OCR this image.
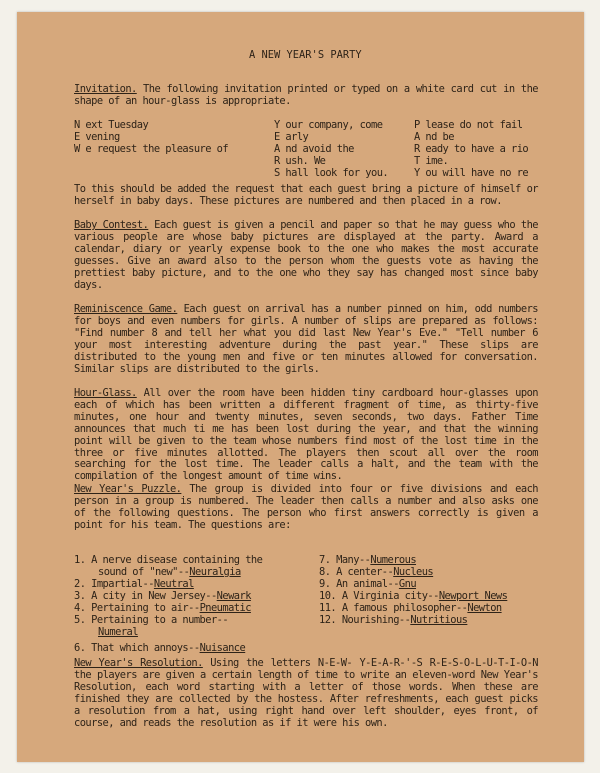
A NEW YEAR'S PARTY
Invitation. The following invitation printed or typed on a white card cut in the shape of an hour-glass is appropriate.
N ext Tuesday
E vening
W e request the pleasure of
Y our company, come
E arly
A nd avoid the
R ush. We
S hall look for you.
P lease do not fail
A nd be
R eady to have a rio
T ime.
Y ou will have no re
To this should be added the request that each guest bring a picture of himself or herself in baby days. These pictures are numbered and then placed in a row.
Baby Contest. Each guest is given a pencil and paper so that he may guess who the various people are whose baby pictures are displayed at the party. Award a calendar, diary or yearly expense book to the one who makes the most accurate guesses. Give an award also to the person whom the guests vote as having the prettiest baby picture, and to the one who they say has changed most since baby days.
Reminiscence Game. Each guest on arrival has a number pinned on him, odd numbers for boys and even numbers for girls. A number of slips are prepared as follows: "Find number 8 and tell her what you did last New Year's Eve." "Tell number 6 your most interesting adventure during the past year." These slips are distributed to the young men and five or ten minutes allowed for conversation. Similar slips are distributed to the girls.
Hour-Glass. All over the room have been hidden tiny cardboard hour-glasses upon each of which has been written a different fragment of time, as thirty-five minutes, one hour and twenty minutes, seven seconds, two days. Father Time announces that much ti me has been lost during the year, and that the winning point will be given to the team whose numbers find most of the lost time in the three or five minutes allotted. The players then scout all over the room searching for the lost time. The leader calls a halt, and the team with the compilation of the longest amount of time wins.
New Year's Puzzle. The group is divided into four or five divisions and each person in a group is numbered. The leader then calls a number and also asks one of the following questions. The person who first answers correctly is given a point for his team. The questions are:
1. A nerve disease containing the
sound of "new"--Neuralgia
2. Impartial--Neutral
3. A city in New Jersey--Newark
4. Pertaining to air--Pneumatic
5. Pertaining to a number--
Numeral
6. That which annoys--Nuisance
7. Many--Numerous
8. A center--Nucleus
9. An animal--Gnu
10. A Virginia city--Newport News
11. A famous philosopher--Newton
12. Nourishing--Nutritious
New Year's Resolution. Using the letters N-E-W- Y-E-A-R-'-S R-E-S-O-L-U-T-I-O-N the players are given a certain length of time to write an eleven-word New Year's Resolution, each word starting with a letter of those words. When these are finished they are collected by the hostess. After refreshments, each guest picks a resolution from a hat, using right hand over left shoulder, eyes front, of course, and reads the resolution as if it were his own.
